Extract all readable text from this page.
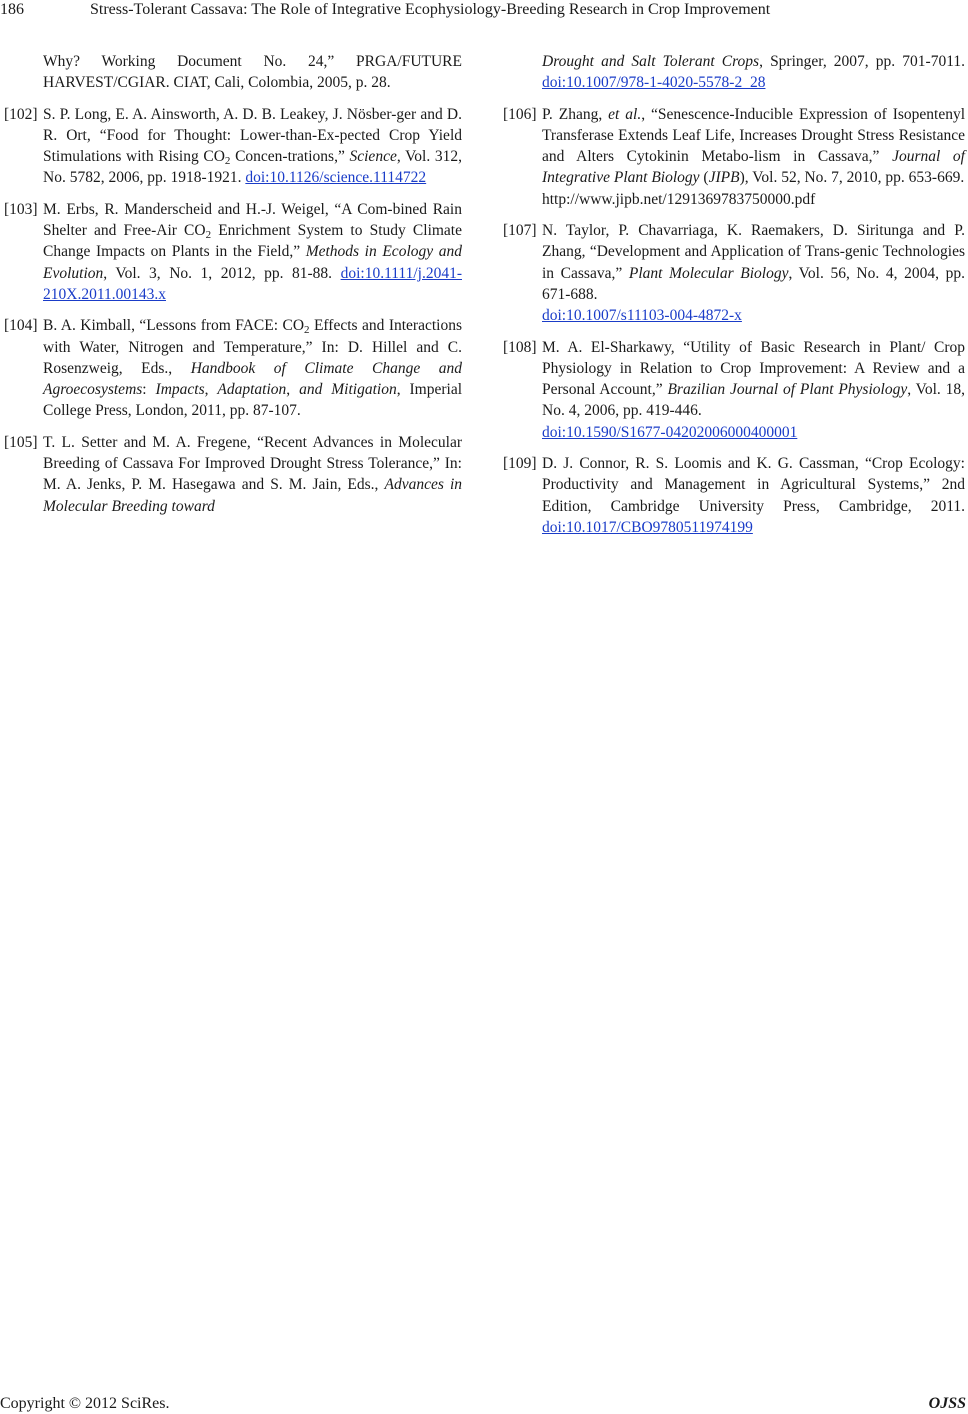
186	Stress-Tolerant Cassava: The Role of Integrative Ecophysiology-Breeding Research in Crop Improvement
Why? Working Document No. 24,” PRGA/FUTURE HARVEST/CGIAR. CIAT, Cali, Colombia, 2005, p. 28.
[102] S. P. Long, E. A. Ainsworth, A. D. B. Leakey, J. Nösber-ger and D. R. Ort, “Food for Thought: Lower-than-Ex-pected Crop Yield Stimulations with Rising $CO_2$ Concen-trations,” Science, Vol. 312, No. 5782, 2006, pp. 1918-1921. doi:10.1126/science.1114722
[103] M. Erbs, R. Manderscheid and H.-J. Weigel, “A Com-bined Rain Shelter and Free-Air $CO_2$ Enrichment System to Study Climate Change Impacts on Plants in the Field,” Methods in Ecology and Evolution, Vol. 3, No. 1, 2012, pp. 81-88. doi:10.1111/j.2041-210X.2011.00143.x
[104] B. A. Kimball, “Lessons from FACE: $CO_2$ Effects and Interactions with Water, Nitrogen and Temperature,” In: D. Hillel and C. Rosenzweig, Eds., Handbook of Climate Change and Agroecosystems: Impacts, Adaptation, and Mitigation, Imperial College Press, London, 2011, pp. 87-107.
[105] T. L. Setter and M. A. Fregene, “Recent Advances in Molecular Breeding of Cassava For Improved Drought Stress Tolerance,” In: M. A. Jenks, P. M. Hasegawa and S. M. Jain, Eds., Advances in Molecular Breeding toward
Drought and Salt Tolerant Crops, Springer, 2007, pp. 701-7011. doi:10.1007/978-1-4020-5578-2_28
[106] P. Zhang, et al., “Senescence-Inducible Expression of Isopentenyl Transferase Extends Leaf Life, Increases Drought Stress Resistance and Alters Cytokinin Metabo-lism in Cassava,” Journal of Integrative Plant Biology (JIPB), Vol. 52, No. 7, 2010, pp. 653-669.
http://www.jipb.net/1291369783750000.pdf
[107] N. Taylor, P. Chavarriaga, K. Raemakers, D. Siritunga and P. Zhang, “Development and Application of Trans-genic Technologies in Cassava,” Plant Molecular Biology, Vol. 56, No. 4, 2004, pp. 671-688.
doi:10.1007/s11103-004-4872-x
[108] M. A. El-Sharkawy, “Utility of Basic Research in Plant/ Crop Physiology in Relation to Crop Improvement: A Review and a Personal Account,” Brazilian Journal of Plant Physiology, Vol. 18, No. 4, 2006, pp. 419-446.
doi:10.1590/S1677-04202006000400001
[109] D. J. Connor, R. S. Loomis and K. G. Cassman, “Crop Ecology: Productivity and Management in Agricultural Systems,” 2nd Edition, Cambridge University Press, Cambridge, 2011. doi:10.1017/CBO9780511974199
Copyright © 2012 SciRes.	OJSS
